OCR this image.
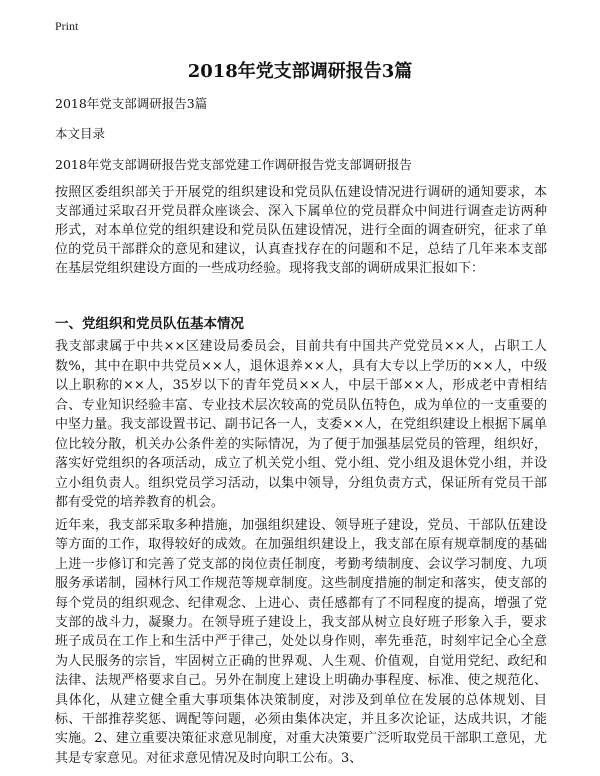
Print
2018年党支部调研报告3篇

2018年党支部调研报告3篇

本文目录

2018年党支部调研报告党支部党建工作调研报告党支部调研报告

按照区委组织部关于开展党的组织建设和党员队伍建设情况进行调研的通知要求，本支部通过采取召开党员群众座谈会、深入下属单位的党员群众中间进行调查走访两种形式，对本单位党的组织建设和党员队伍建设情况，进行全面的调查研究，征求了单位的党员干部群众的意见和建议，认真查找存在的问题和不足，总结了几年来本支部在基层党组织建设方面的一些成功经验。现将我支部的调研成果汇报如下：

一、党组织和党员队伍基本情况

我支部隶属于中共××区建设局委员会，目前共有中国共产党党员××人，占职工人数%，其中在职中共党员××人，退休退养××人，具有大专以上学历的××人，中级以上职称的××人，35岁以下的青年党员××人，中层干部××人，形成老中青相结合、专业知识经验丰富、专业技术层次较高的党员队伍特色，成为单位的一支重要的中坚力量。我支部设置书记、副书记各一人，支委××人，在党组织建设上根据下属单位比较分散，机关办公条件差的实际情况，为了便于加强基层党员的管理，组织好，落实好党组织的各项活动，成立了机关党小组、党小组、党小组及退休党小组，并设立小组负责人。组织党员学习活动，以集中领导，分组负责方式，保证所有党员干部都有受党的培养教育的机会。

近年来，我支部采取多种措施，加强组织建设、领导班子建设，党员、干部队伍建设等方面的工作，取得较好的成效。在加强组织建设上，我支部在原有规章制度的基础上进一步修订和完善了党支部的岗位责任制度，考勤考绩制度、会议学习制度、九项服务承诺制，园林行风工作规范等规章制度。这些制度措施的制定和落实，使支部的每个党员的组织观念、纪律观念、上进心、责任感都有了不同程度的提高，增强了党支部的战斗力，凝聚力。在领导班子建设上，我支部从树立良好班子形象入手，要求班子成员在工作上和生活中严于律己，处处以身作则，率先垂范，时刻牢记全心全意为人民服务的宗旨，牢固树立正确的世界观、人生观、价值观，自觉用党纪、政纪和法律、法规严格要求自己。另外在制度上建设上明确办事程度、标准、使之规范化、具体化，从建立健全重大事项集体决策制度，对涉及到单位在发展的总体规划、目标、干部推荐奖惩、调配等问题，必须由集体决定，并且多次论证，达成共识，才能实施。2、建立重要决策征求意见制度，对重大决策要广泛听取党员干部职工意见，尤其是专家意见。对征求意见情况及时向职工公布。3、
